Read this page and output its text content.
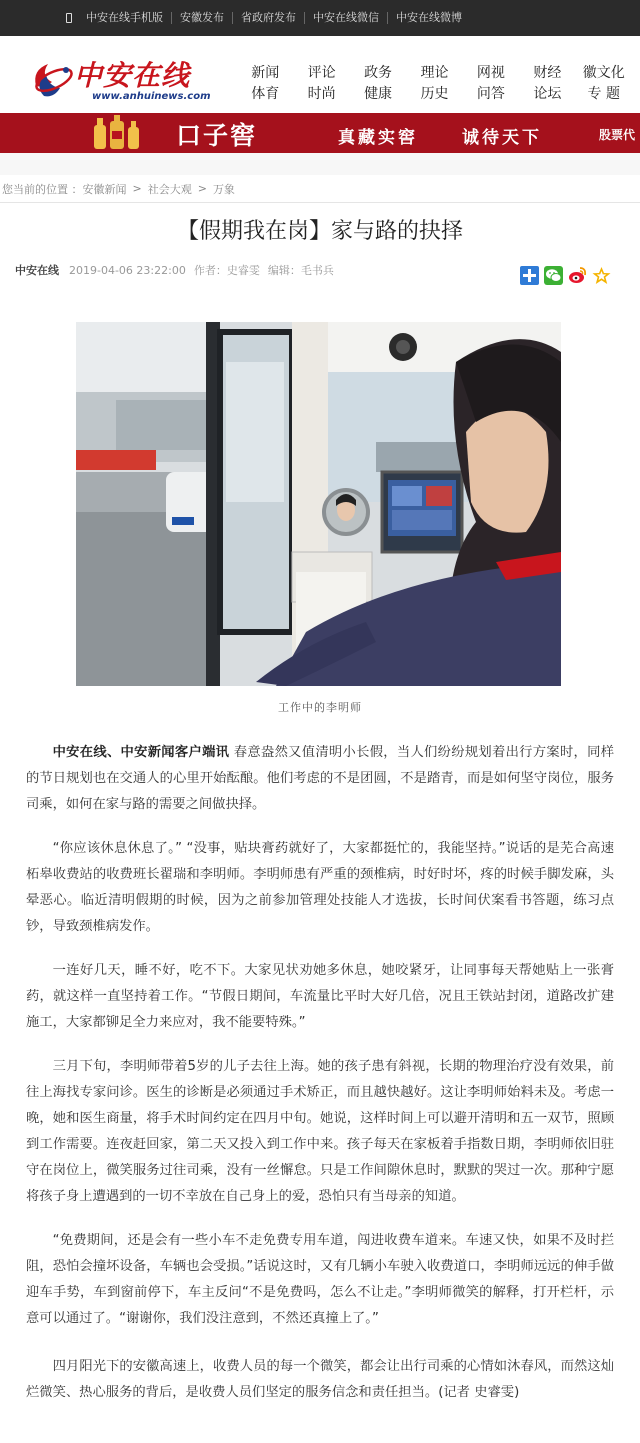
中安在线手机版	安徽发布	省政府发布	中安在线微信	中安在线微博
中安在线
www.anhuinews.com
新闻	评论	政务	理论	网视	财经	徽文化
体育	时尚	健康	历史	问答	论坛	专 题
口子窖	真藏实窖	诚待天下	股票代
您当前的位置 ： 安徽新闻 > 社会大观 > 万象
【假期我在岗】家与路的抉择
中安在线 2019-04-06 23:22:00 作者：史睿雯 编辑：毛书兵
工作中的李明师

中安在线、中安新闻客户端讯 春意盎然又值清明小长假，当人们纷纷规划着出行方案时，同样的节日规划也在交通人的心里开始酝酿。他们考虑的不是团圆，不是踏青，而是如何坚守岗位，服务司乘，如何在家与路的需要之间做抉择。

“你应该休息休息了。” “没事，贴块膏药就好了，大家都挺忙的，我能坚持。”说话的是芜合高速柘皋收费站的收费班长翟瑞和李明师。李明师患有严重的颈椎病，时好时坏，疼的时候手脚发麻，头晕恶心。临近清明假期的时候，因为之前参加管理处技能人才选拔，长时间伏案看书答题，练习点钞，导致颈椎病发作。

一连好几天，睡不好，吃不下。大家见状劝她多休息，她咬紧牙，让同事每天帮她贴上一张膏药，就这样一直坚持着工作。“节假日期间，车流量比平时大好几倍，况且王铁站封闭，道路改扩建施工，大家都铆足全力来应对，我不能要特殊。”

三月下旬，李明师带着5岁的儿子去往上海。她的孩子患有斜视，长期的物理治疗没有效果，前往上海找专家问诊。医生的诊断是必须通过手术矫正，而且越快越好。这让李明师始料未及。考虑一晚，她和医生商量，将手术时间约定在四月中旬。她说，这样时间上可以避开清明和五一双节，照顾到工作需要。连夜赶回家，第二天又投入到工作中来。孩子每天在家板着手指数日期，李明师依旧驻守在岗位上，微笑服务过往司乘，没有一丝懈怠。只是工作间隙休息时，默默的哭过一次。那种宁愿将孩子身上遭遇到的一切不幸放在自己身上的爱，恐怕只有当母亲的知道。

“免费期间，还是会有一些小车不走免费专用车道，闯进收费车道来。车速又快，如果不及时拦阻，恐怕会撞坏设备，车辆也会受损。”话说这时，又有几辆小车驶入收费道口，李明师远远的伸手做迎车手势，车到窗前停下，车主反问“不是免费吗，怎么不让走。”李明师微笑的解释，打开栏杆，示意可以通过了。“谢谢你，我们没注意到，不然还真撞上了。”

四月阳光下的安徽高速上，收费人员的每一个微笑，都会让出行司乘的心情如沐春风，而然这灿烂微笑、热心服务的背后，是收费人员们坚定的服务信念和责任担当。(记者 史睿雯)
